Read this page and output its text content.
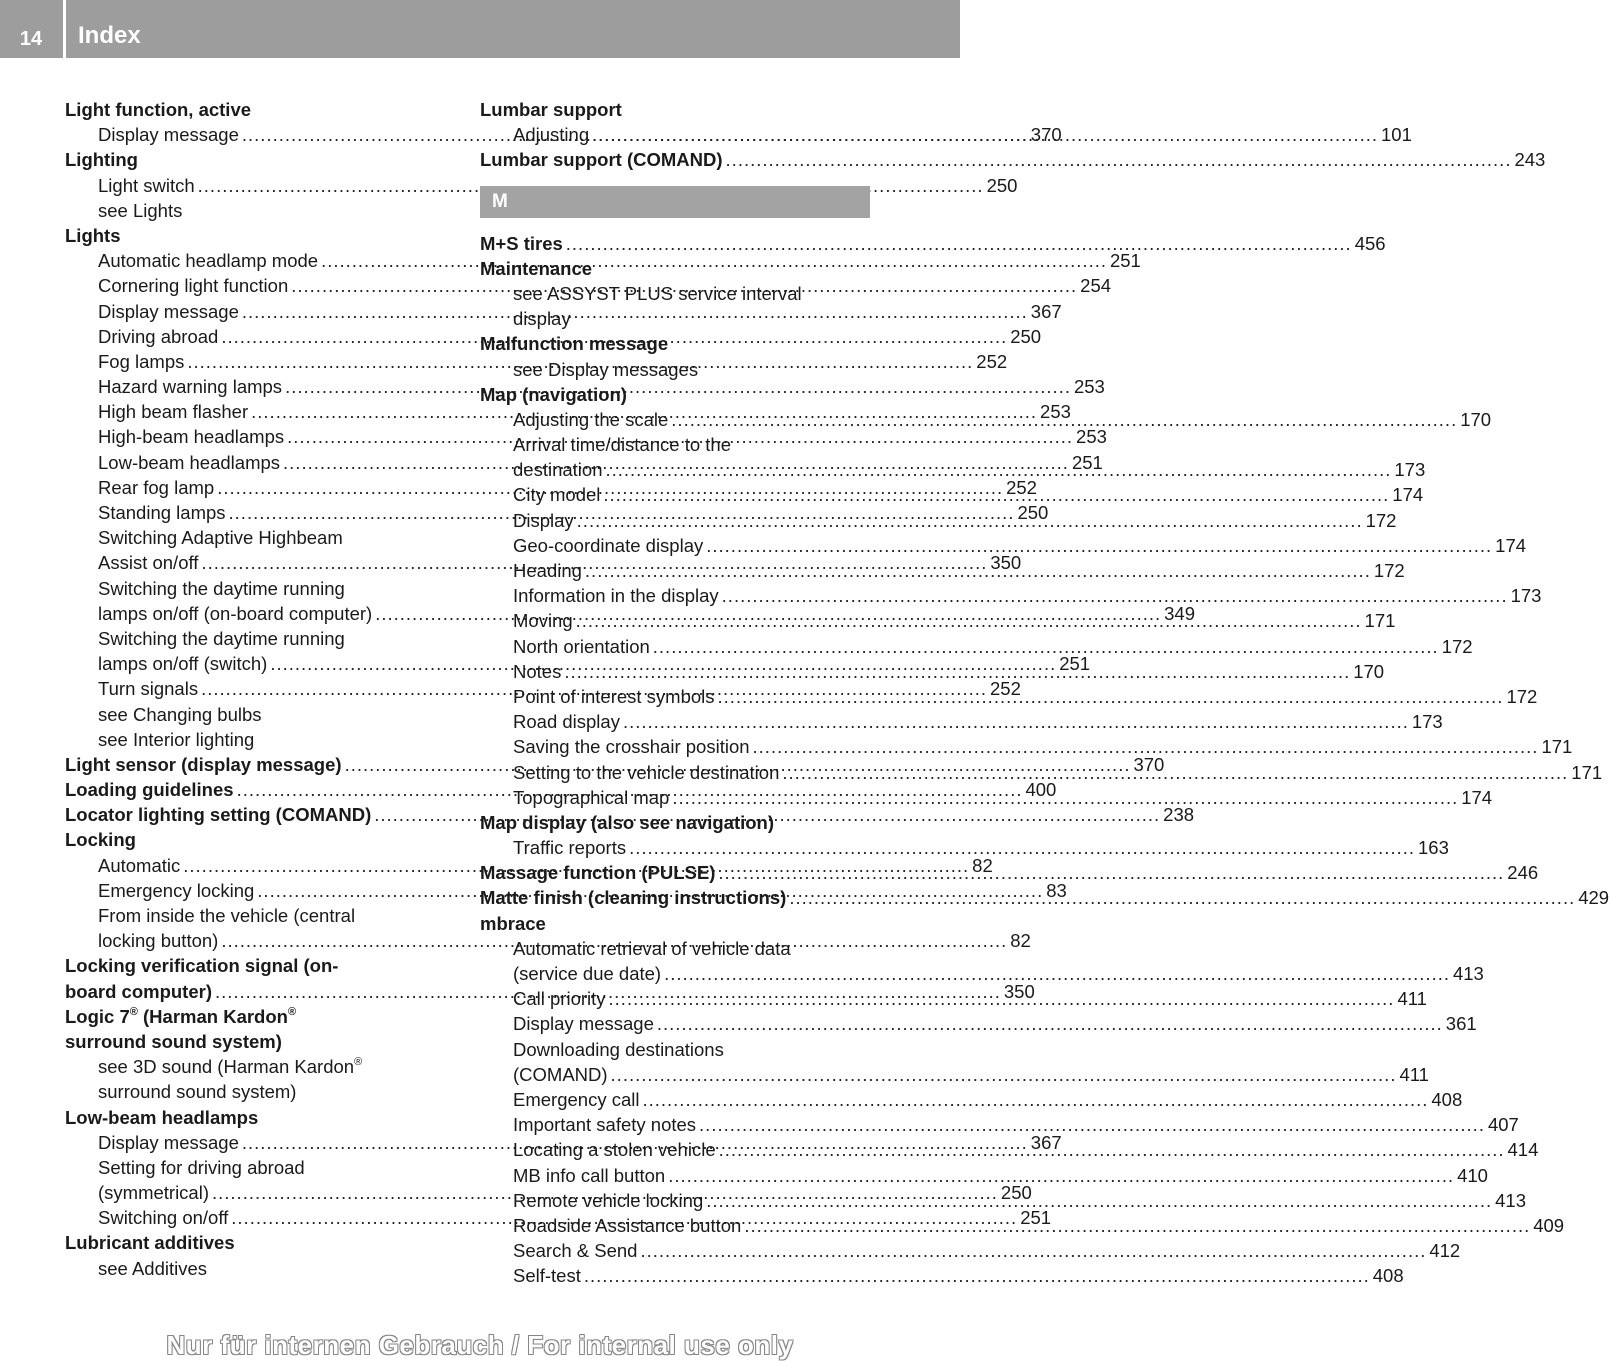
14	Index
Light function, active
Display message .....	370
Lighting
Light switch .....	250
see Lights
Lights
Automatic headlamp mode .....	251
Cornering light function .....	254
Display message .....	367
Driving abroad .....	250
Fog lamps .....	252
Hazard warning lamps .....	253
High beam flasher .....	253
High-beam headlamps .....	253
Low-beam headlamps .....	251
Rear fog lamp .....	252
Standing lamps .....	250
Switching Adaptive Highbeam
Assist on/off .....	350
Switching the daytime running
lamps on/off (on-board computer) .....	349
Switching the daytime running
lamps on/off (switch) .....	251
Turn signals .....	252
see Changing bulbs
see Interior lighting
Light sensor (display message) .....	370
Loading guidelines .....	400
Locator lighting setting (COMAND) .....	238
Locking
Automatic .....	82
Emergency locking .....	83
From inside the vehicle (central
locking button) .....	82
Locking verification signal (on-
board computer) .....	350
Logic 7® (Harman Kardon®
surround sound system)
see 3D sound (Harman Kardon®
surround sound system)
Low-beam headlamps
Display message .....	367
Setting for driving abroad
(symmetrical) .....	250
Switching on/off .....	251
Lubricant additives
see Additives
Lumbar support
Adjusting .....	101
Lumbar support (COMAND) .....	243
M
M+S tires .....	456
Maintenance
see ASSYST PLUS service interval
display
Malfunction message
see Display messages
Map (navigation)
Adjusting the scale .....	170
Arrival time/distance to the
destination .....	173
City model .....	174
Display .....	172
Geo-coordinate display .....	174
Heading .....	172
Information in the display .....	173
Moving .....	171
North orientation .....	172
Notes .....	170
Point of interest symbols .....	172
Road display .....	173
Saving the crosshair position .....	171
Setting to the vehicle destination .....	171
Topographical map .....	174
Map display (also see navigation)
Traffic reports .....	163
Massage function (PULSE) .....	246
Matte finish (cleaning instructions) .....	429
mbrace
Automatic retrieval of vehicle data
(service due date) .....	413
Call priority .....	411
Display message .....	361
Downloading destinations
(COMAND) .....	411
Emergency call .....	408
Important safety notes .....	407
Locating a stolen vehicle .....	414
MB info call button .....	410
Remote vehicle locking .....	413
Roadside Assistance button .....	409
Search & Send .....	412
Self-test .....	408
Nur für internen Gebrauch / For internal use only
